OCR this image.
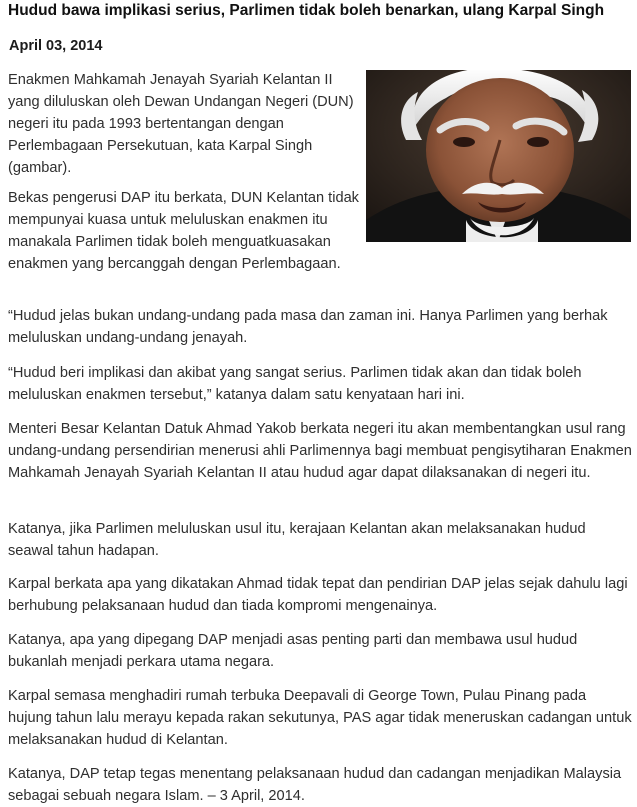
Hudud bawa implikasi serius, Parlimen tidak boleh benarkan, ulang Karpal Singh
April 03, 2014

Enakmen Mahkamah Jenayah Syariah Kelantan II yang diluluskan oleh Dewan Undangan Negeri (DUN) negeri itu pada 1993 bertentangan dengan Perlembagaan Persekutuan, kata Karpal Singh (gambar).

Bekas pengerusi DAP itu berkata, DUN Kelantan tidak mempunyai kuasa untuk meluluskan enakmen itu manakala Parlimen tidak boleh menguatkuasakan enakmen yang bercanggah dengan Perlembagaan.

“Hudud jelas bukan undang-undang pada masa dan zaman ini. Hanya Parlimen yang berhak meluluskan undang-undang jenayah.

“Hudud beri implikasi dan akibat yang sangat serius. Parlimen tidak akan dan tidak boleh meluluskan enakmen tersebut,” katanya dalam satu kenyataan hari ini.

Menteri Besar Kelantan Datuk Ahmad Yakob berkata negeri itu akan membentangkan usul rang undang-undang persendirian menerusi ahli Parlimennya bagi membuat pengisytiharan Enakmen Mahkamah Jenayah Syariah Kelantan II atau hudud agar dapat dilaksanakan di negeri itu.

Katanya, jika Parlimen meluluskan usul itu, kerajaan Kelantan akan melaksanakan hudud seawal tahun hadapan.

Karpal berkata apa yang dikatakan Ahmad tidak tepat dan pendirian DAP jelas sejak dahulu lagi berhubung pelaksanaan hudud dan tiada kompromi mengenainya.

Katanya, apa yang dipegang DAP menjadi asas penting parti dan membawa usul hudud bukanlah menjadi perkara utama negara.

Karpal semasa menghadiri rumah terbuka Deepavali di George Town, Pulau Pinang pada hujung tahun lalu merayu kepada rakan sekutunya, PAS agar tidak meneruskan cadangan untuk melaksanakan hudud di Kelantan.

Katanya, DAP tetap tegas menentang pelaksanaan hudud dan cadangan menjadikan Malaysia sebagai sebuah negara Islam. – 3 April, 2014.
